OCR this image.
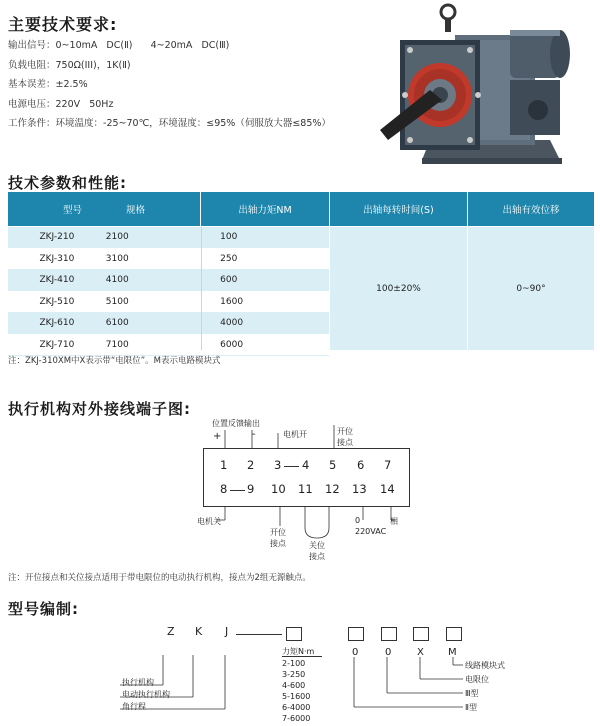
主要技术要求:
输出信号：0~10mA   DC(Ⅱ)      4~20mA   DC(Ⅲ)
负载电阻：750Ω(III)，1K(Ⅱ)
基本误差：±2.5%
电源电压：220V   50Hz
工作条件：环境温度：-25~70℃，环境湿度：≤95%（伺服放大器≤85%）
技术参数和性能:
型号	规格	出轴力矩NM	出轴每转时间(S)	出轴有效位移
ZKJ-210	2100	100
ZKJ-310	3100	250
ZKJ-410	4100	600
ZKJ-510	5100	1600
ZKJ-610	6100	4000
ZKJ-710	7100	6000
100±20%	0~90°
注：ZKJ-310XM中X表示带“电限位”。M表示电路模块式
执行机构对外接线端子图:
位置反馈输出
+	-	电机开	开位
接点
1 2 3 4 5 6 7
8 9 10 11 12 13 14
电机关
开位
接点	关位
接点
0	相
220VAC
注：开位接点和关位接点适用于带电限位的电动执行机构，接点为2组无源触点。
型号编制:
Z K J
力矩N·m
2-100
3-250
4-600
5-1600
6-4000
7-6000
0	0	X M
执行机构
电动执行机构
角行程
线路模块式
电限位
Ⅲ型
Ⅱ型
